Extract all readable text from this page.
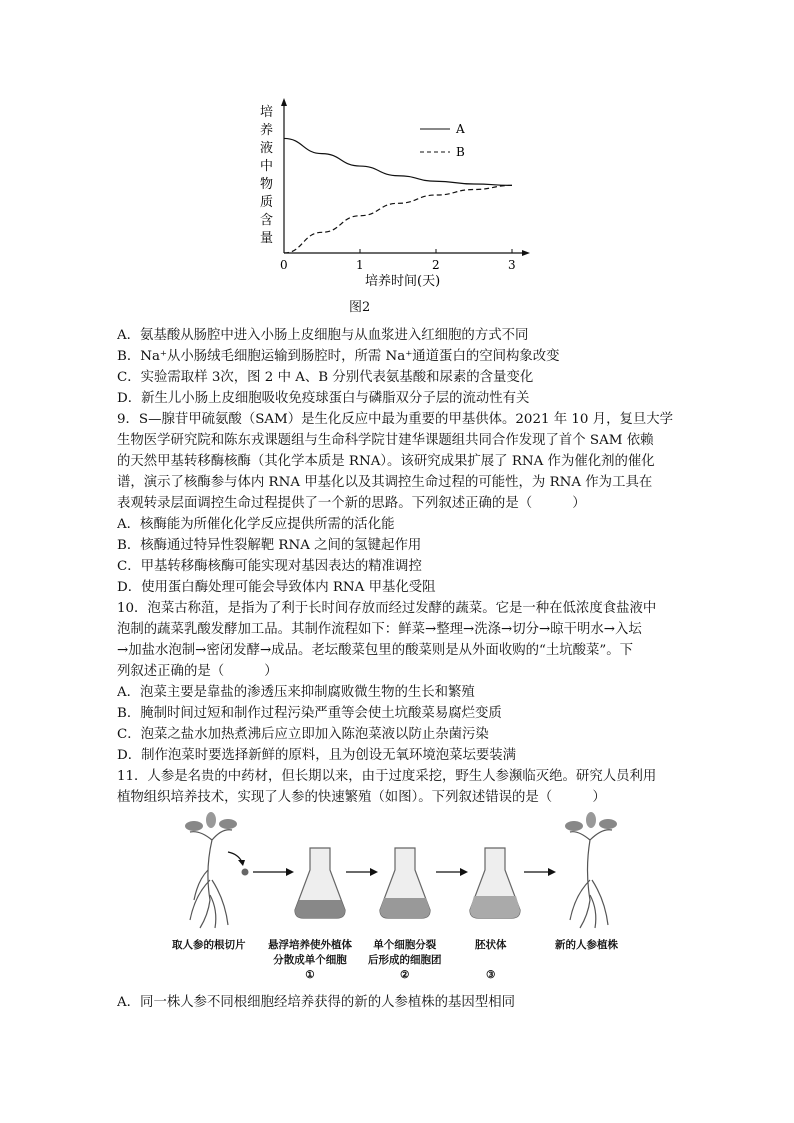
培
养
液
中
物
质
含
量
0	1	2	3
培养时间(天)
A
B
图2
A．氨基酸从肠腔中进入小肠上皮细胞与从血浆进入红细胞的方式不同
B．Na⁺从小肠绒毛细胞运输到肠腔时，所需 Na⁺通道蛋白的空间构象改变
C．实验需取样 3次，图 2 中 A、B 分别代表氨基酸和尿素的含量变化
D．新生儿小肠上皮细胞吸收免疫球蛋白与磷脂双分子层的流动性有关
9．S—腺苷甲硫氨酸（SAM）是生化反应中最为重要的甲基供体。2021 年 10 月，复旦大学
生物医学研究院和陈东戎课题组与生命科学院甘建华课题组共同合作发现了首个 SAM 依赖
的天然甲基转移酶核酶（其化学本质是 RNA）。该研究成果扩展了 RNA 作为催化剂的催化
谱，演示了核酶参与体内 RNA 甲基化以及其调控生命过程的可能性，为 RNA 作为工具在
表观转录层面调控生命过程提供了一个新的思路。下列叙述正确的是（　　　）
A．核酶能为所催化化学反应提供所需的活化能
B．核酶通过特异性裂解靶 RNA 之间的氢键起作用
C．甲基转移酶核酶可能实现对基因表达的精准调控
D．使用蛋白酶处理可能会导致体内 RNA 甲基化受阻
10．泡菜古称菹，是指为了利于长时间存放而经过发酵的蔬菜。它是一种在低浓度食盐液中
泡制的蔬菜乳酸发酵加工品。其制作流程如下：鲜菜→整理→洗涤→切分→晾干明水→入坛
→加盐水泡制→密闭发酵→成品。老坛酸菜包里的酸菜则是从外面收购的“土坑酸菜”。下
列叙述正确的是（　　　）
A．泡菜主要是靠盐的渗透压来抑制腐败微生物的生长和繁殖
B．腌制时间过短和制作过程污染严重等会使土坑酸菜易腐烂变质
C．泡菜之盐水加热煮沸后应立即加入陈泡菜液以防止杂菌污染
D．制作泡菜时要选择新鲜的原料，且为创设无氧环境泡菜坛要装满
11．人参是名贵的中药材，但长期以来，由于过度采挖，野生人参濒临灭绝。研究人员利用
植物组织培养技术，实现了人参的快速繁殖（如图）。下列叙述错误的是（　　　）
取人参的根切片 悬浮培养使外植体
分散成单个细胞
①
单个细胞分裂
后形成的细胞团
②
胚状体
③
新的人参植株
A．同一株人参不同根细胞经培养获得的新的人参植株的基因型相同
